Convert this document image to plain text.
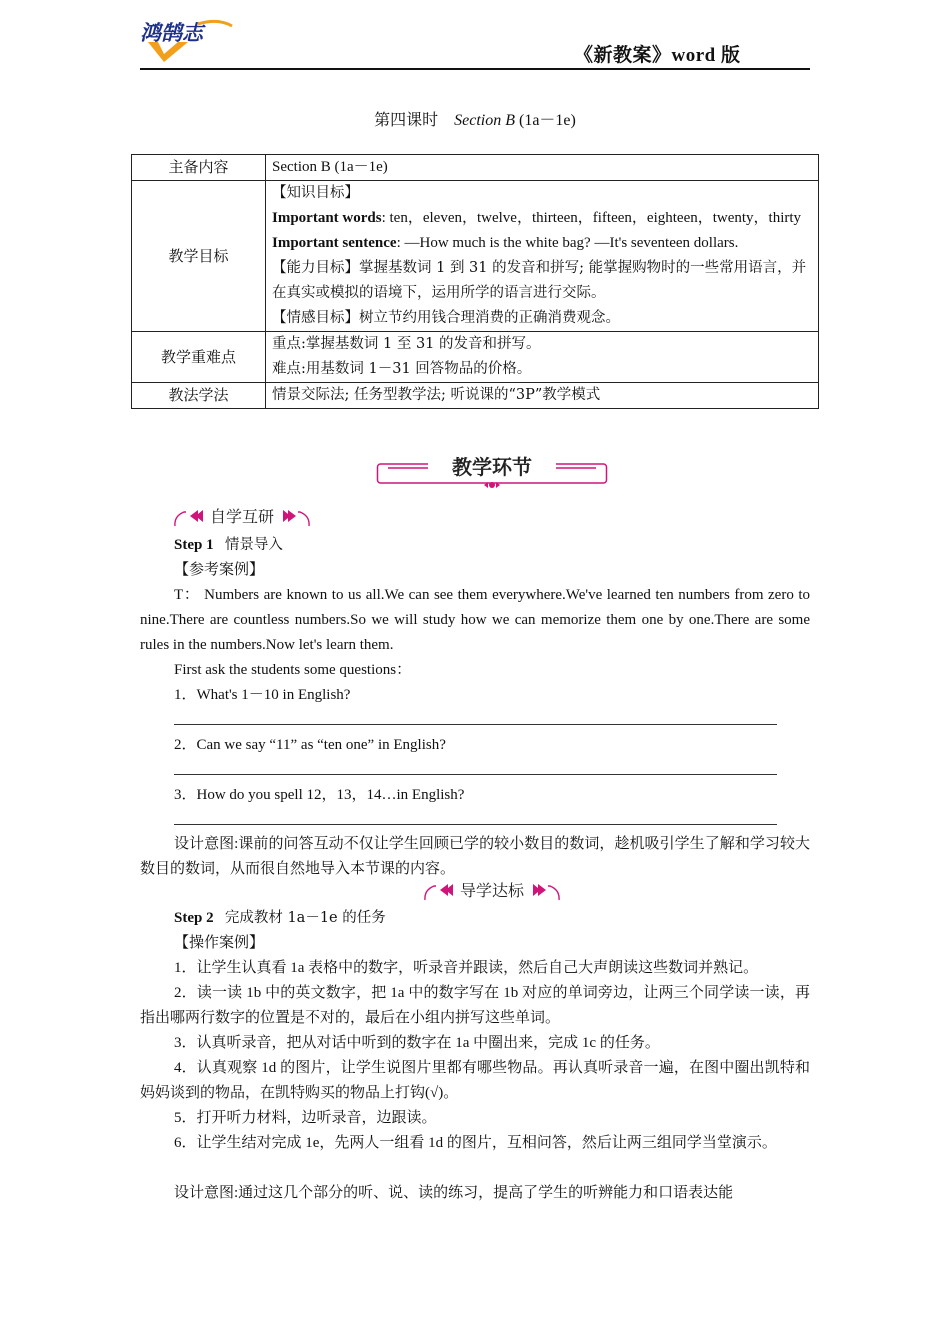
鸿鹄志
《新教案》word 版
第四课时 Section B (1a－1e)
主备内容	Section B (1a－1e)
教学目标	【知识目标】
Important words: ten，eleven，twelve，thirteen，fifteen，eighteen，twenty，thirty
Important sentence: —How much is the white bag? —It's seventeen dollars.
【能力目标】掌握基数词 1 到 31 的发音和拼写; 能掌握购物时的一些常用语言，并在真实或模拟的语境下，运用所学的语言进行交际。
【情感目标】树立节约用钱合理消费的正确消费观念。

教学重难点	重点:掌握基数词 1 至 31 的发音和拼写。
难点:用基数词 1－31 回答物品的价格。

教法学法	情景交际法; 任务型教学法; 听说课的“3P”教学模式
教学环节
自学互研
Step 1 情景导入
【参考案例】
T： Numbers are known to us all.We can see them everywhere.We've learned ten numbers from zero to nine.There are countless numbers.So we will study how we can memorize them one by one.There are some rules in the numbers.Now let's learn them.
First ask the students some questions：
1．What's 1－10 in English?
2．Can we say “11” as “ten one” in English?
3．How do you spell 12，13，14…in English?
设计意图:课前的问答互动不仅让学生回顾已学的较小数目的数词，趁机吸引学生了解和学习较大数目的数词，从而很自然地导入本节课的内容。
导学达标
Step 2 完成教材 1a－1e 的任务
【操作案例】
1．让学生认真看 1a 表格中的数字，听录音并跟读，然后自己大声朗读这些数词并熟记。
2．读一读 1b 中的英文数字，把 1a 中的数字写在 1b 对应的单词旁边，让两三个同学读一读，再指出哪两行数字的位置是不对的，最后在小组内拼写这些单词。
3．认真听录音，把从对话中听到的数字在 1a 中圈出来，完成 1c 的任务。
4．认真观察 1d 的图片，让学生说图片里都有哪些物品。再认真听录音一遍，在图中圈出凯特和妈妈谈到的物品，在凯特购买的物品上打钩(√)。
5．打开听力材料，边听录音，边跟读。
6．让学生结对完成 1e，先两人一组看 1d 的图片，互相问答，然后让两三组同学当堂演示。
设计意图:通过这几个部分的听、说、读的练习，提高了学生的听辨能力和口语表达能
